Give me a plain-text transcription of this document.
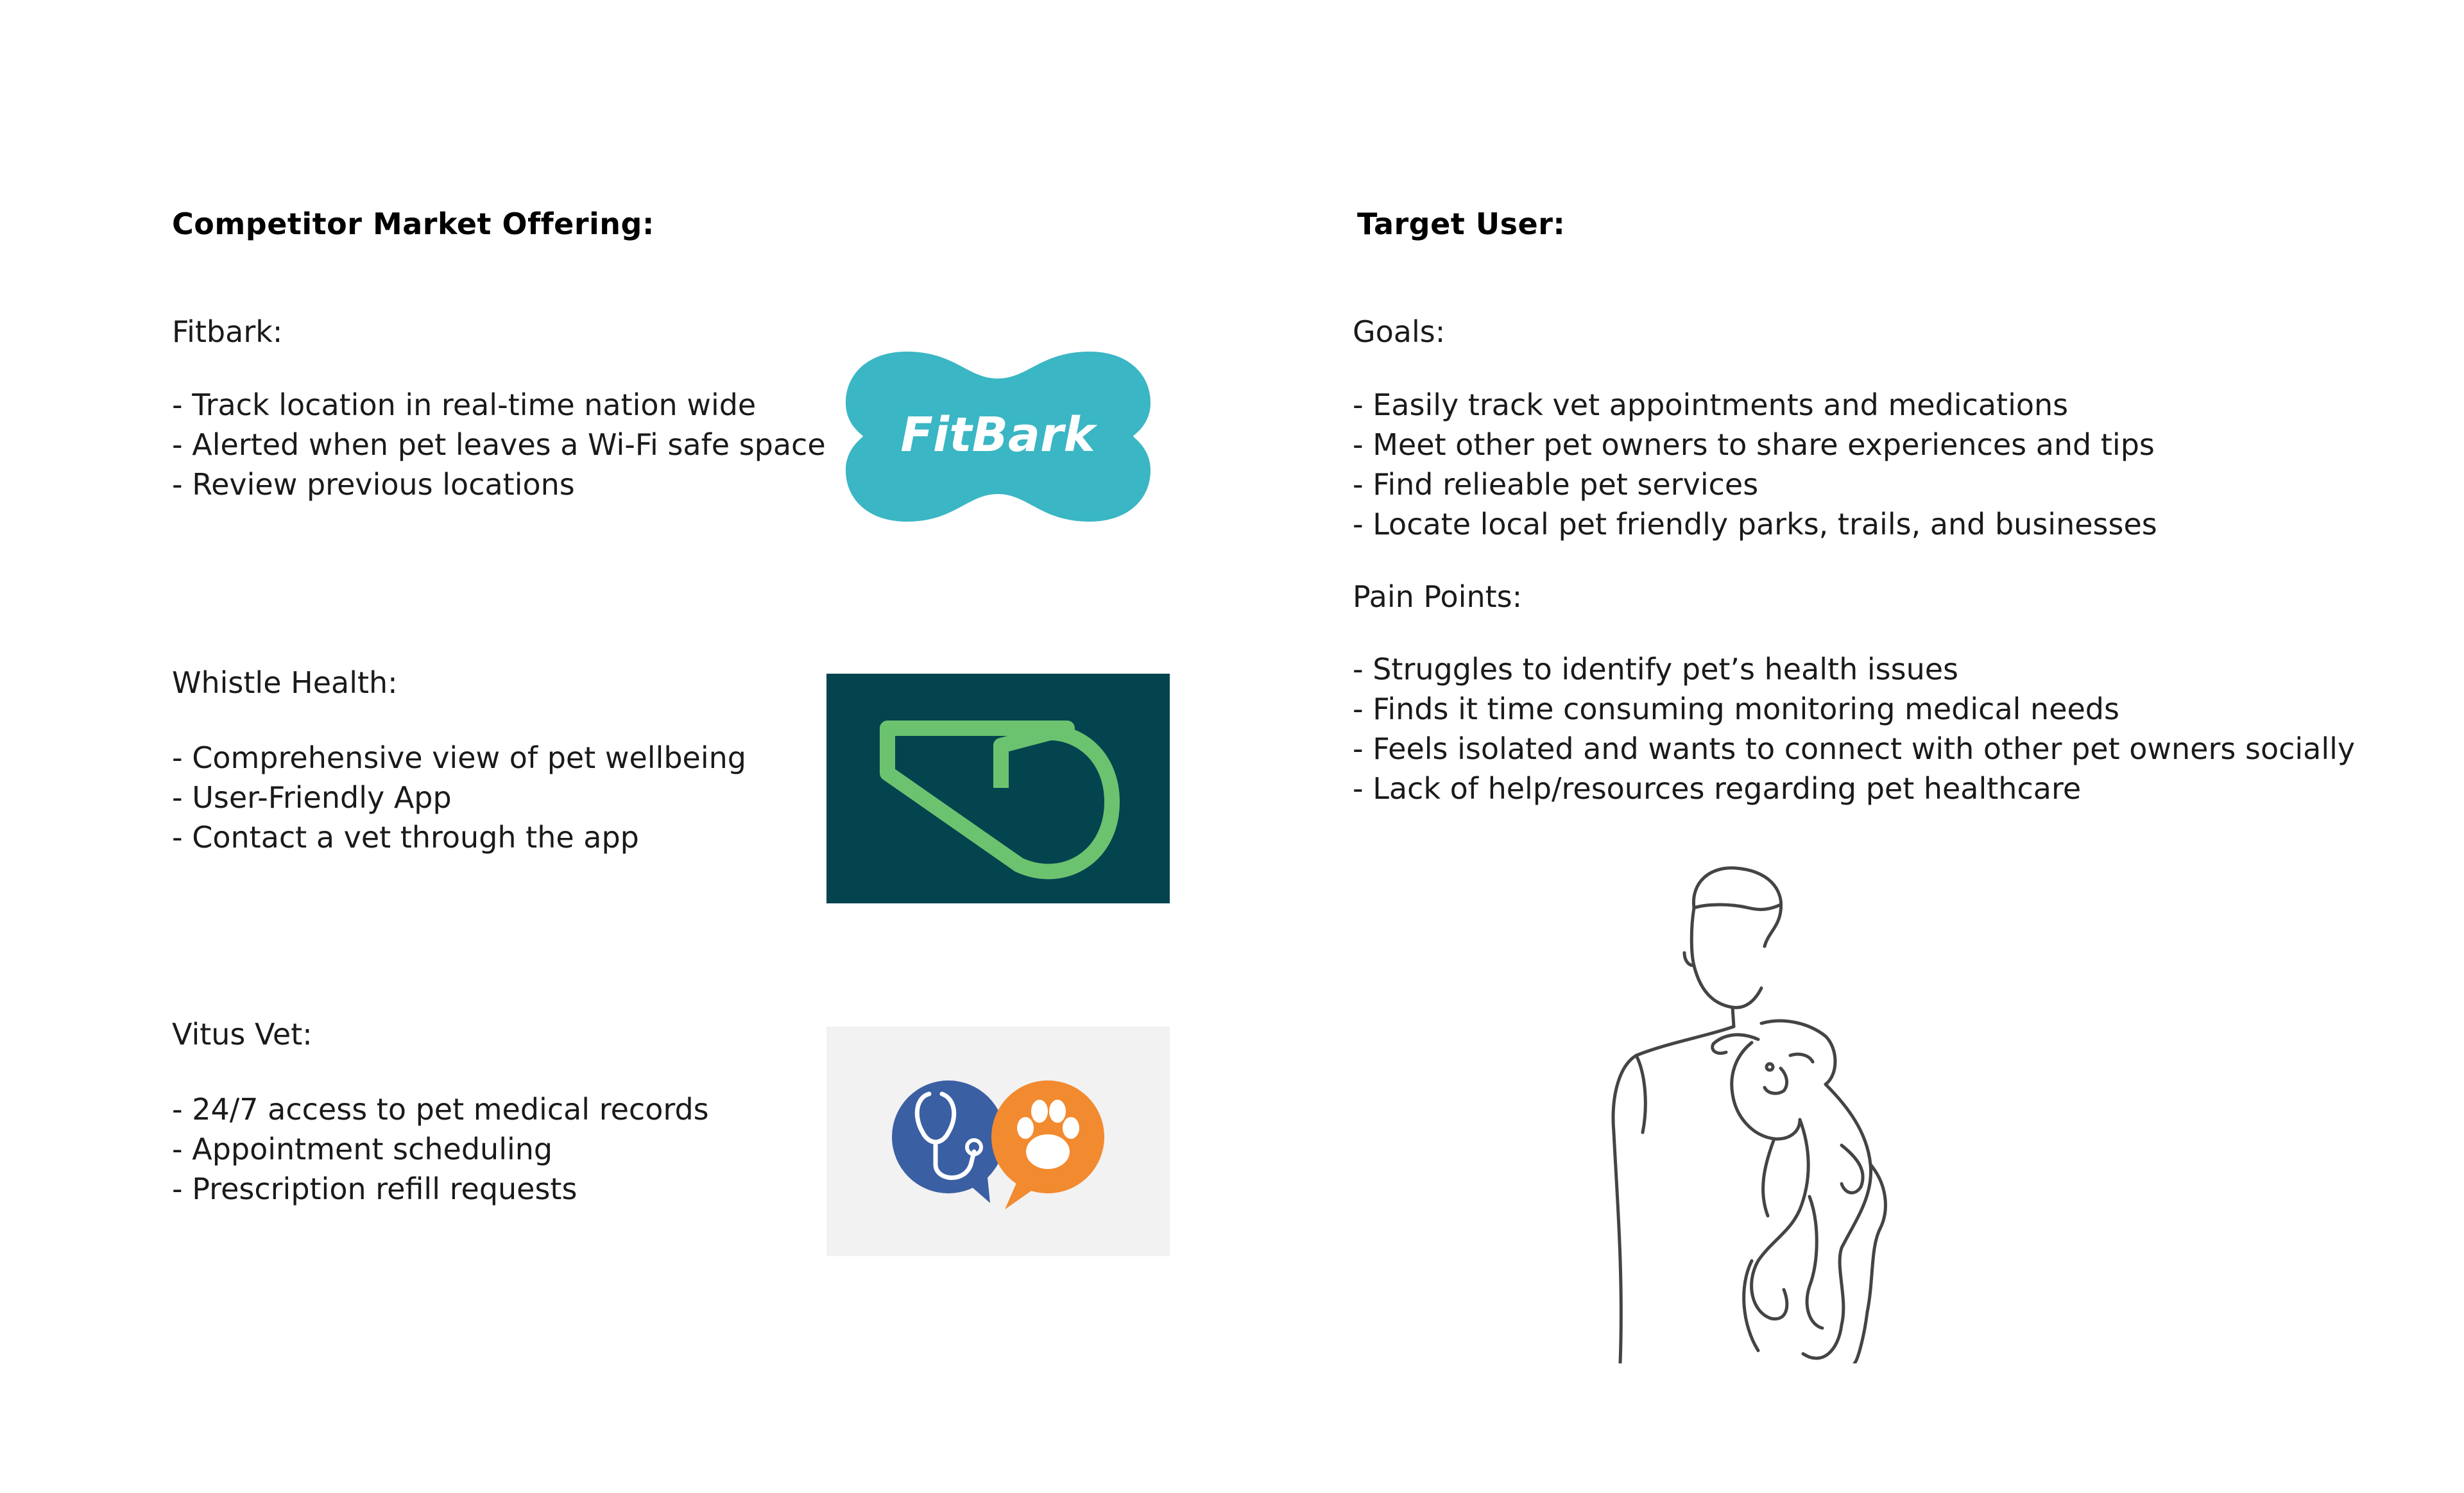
Competitor Market Offering:
Fitbark:
- Track location in real-time nation wide
- Alerted when pet leaves a Wi-Fi safe space
- Review previous locations
FitBark
Whistle Health:
- Comprehensive view of pet wellbeing
- User-Friendly App
- Contact a vet through the app
Vitus Vet:
- 24/7 access to pet medical records
- Appointment scheduling
- Prescription refill requests
Target User:
Goals:
- Easily track vet appointments and medications
- Meet other pet owners to share experiences and tips
- Find relieable pet services
- Locate local pet friendly parks, trails, and businesses
Pain Points:
- Struggles to identify pet’s health issues
- Finds it time consuming monitoring medical needs
- Feels isolated and wants to connect with other pet owners socially
- Lack of help/resources regarding pet healthcare
